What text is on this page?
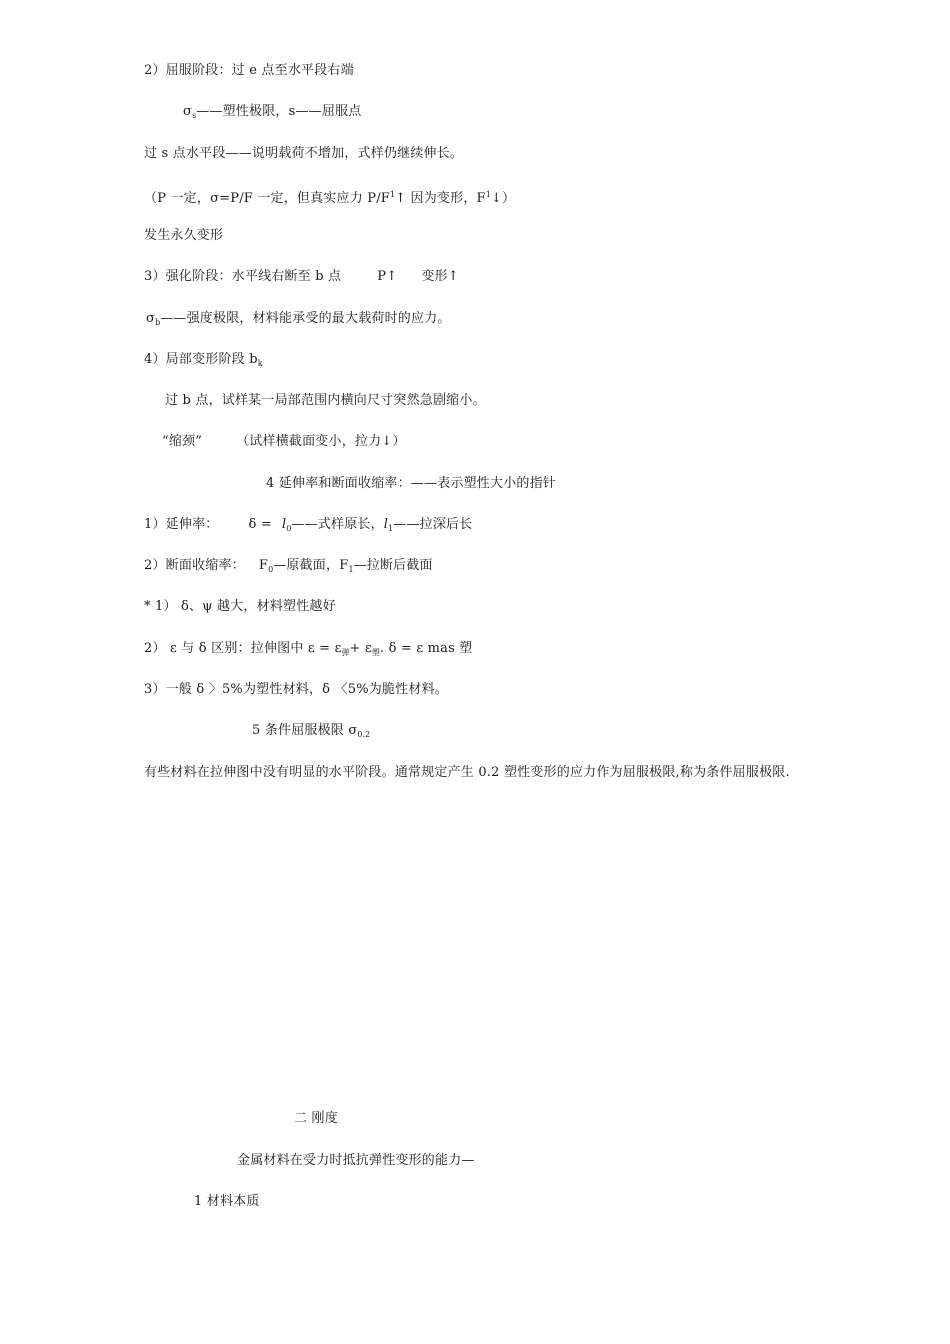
2）屈服阶段：过 e 点至水平段右端
$\sigma_s——$塑性极限，s——屈服点
过 s 点水平段——说明载荷不增加，式样仍继续伸长。
（P 一定，σ=P/F 一定，但真实应力 $P/F^1↑$ 因为变形，$F^1↓$）
发生永久变形
3）强化阶段：水平线右断至 b 点	P↑ 变形↑
$\sigma_b——$强度极限，材料能承受的最大载荷时的应力。
4）局部变形阶段 $b_k$
过 b 点，试样某一局部范围内横向尺寸突然急剧缩小。
“缩颈”	（试样横截面变小，拉力↓）
4 延伸率和断面收缩率：——表示塑性大小的指针
1）延伸率： $\delta = l_0——$式样原长，$l_1——$拉深后长
2）断面收缩率： $F_0—$原截面，$F_1—$拉断后截面
* 1） δ、ψ 越大，材料塑性越好
2） ε 与 δ 区别：拉伸图中 $\varepsilon = \varepsilon_弹+ \varepsilon_塑$. δ = ε mas 塑
3）一般 δ 〉5%为塑性材料，δ 〈5%为脆性材料。
5 条件屈服极限 $\sigma_{0.2}$
有些材料在拉伸图中没有明显的水平阶段。通常规定产生 0.2 塑性变形的应力作为屈服极限,称为条件屈服极限.
二 刚度
金属材料在受力时抵抗弹性变形的能力—
1 材料本质
